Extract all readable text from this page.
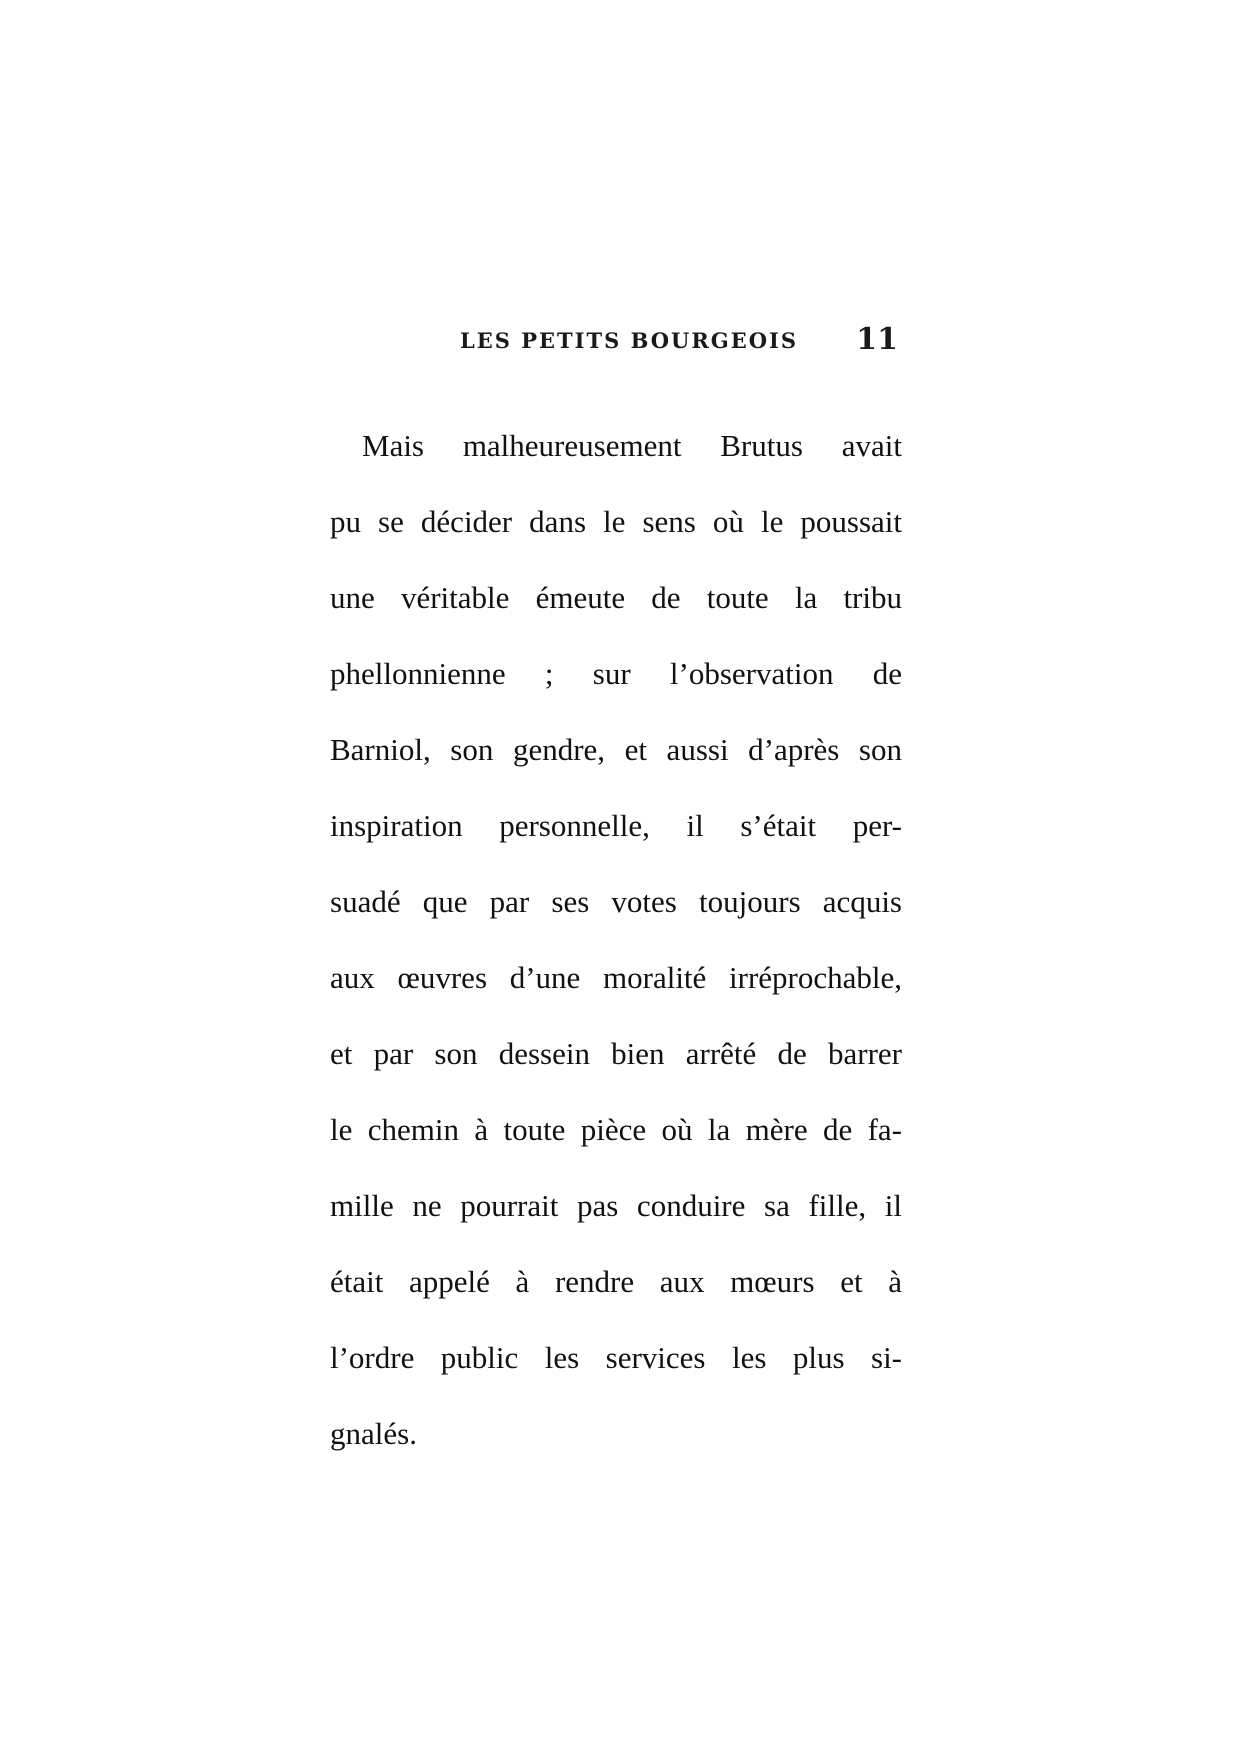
LES PETITS BOURGEOIS 11
Mais malheureusement Brutus avait
pu se décider dans le sens où le poussait
une véritable émeute de toute la tribu
phellonnienne ; sur l’observation de
Barniol, son gendre, et aussi d’après son
inspiration personnelle, il s’était per-
suadé que par ses votes toujours acquis
aux œuvres d’une moralité irréprochable,
et par son dessein bien arrêté de barrer
le chemin à toute pièce où la mère de fa-
mille ne pourrait pas conduire sa fille, il
était appelé à rendre aux mœurs et à
l’ordre public les services les plus si-
gnalés.
